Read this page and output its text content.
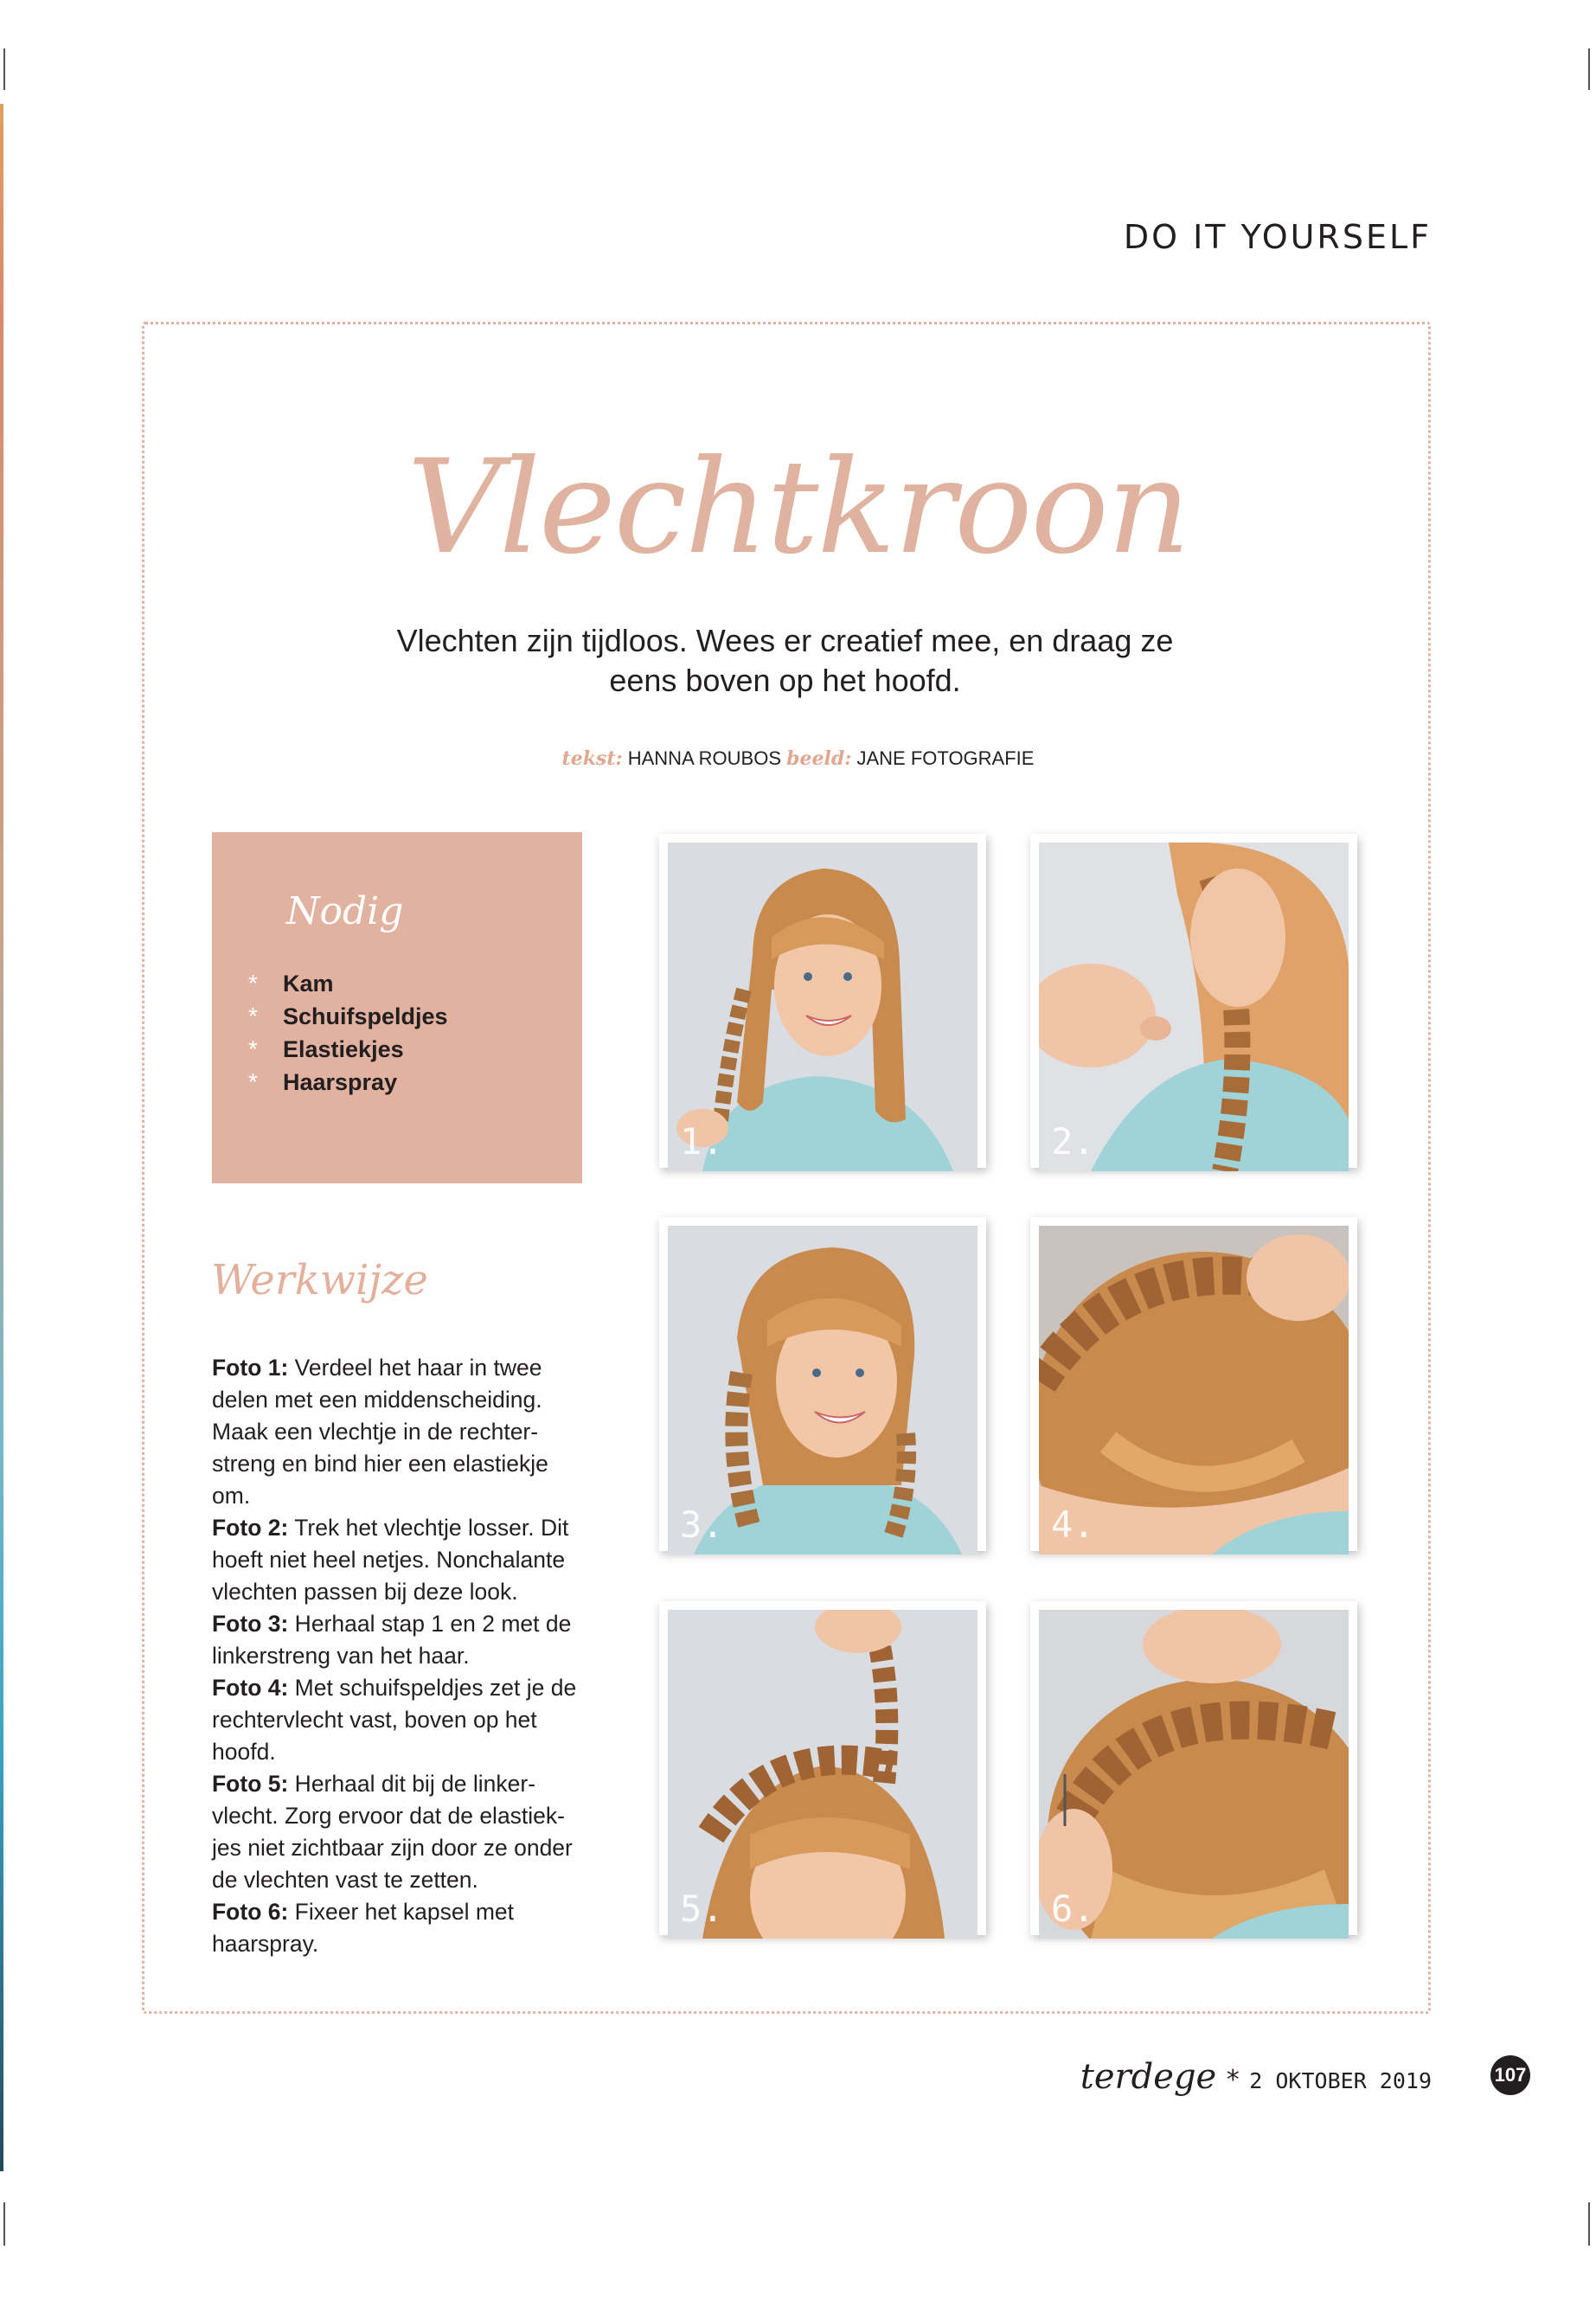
DO IT YOURSELF
Vlechtkroon
Vlechten zijn tijdloos. Wees er creatief mee, en draag ze
eens boven op het hoofd.
tekst: HANNA ROUBOS beeld: JANE FOTOGRAFIE
Nodig
* Kam
* Schuifspeldjes
* Elastiekjes
* Haarspray
Werkwijze

Foto 1: Verdeel het haar in twee delen met een middenscheiding. Maak een vlechtje in de rechter-streng en bind hier een elastiekje om.

Foto 2: Trek het vlechtje losser. Dit hoeft niet heel netjes. Nonchalante vlechten passen bij deze look.

Foto 3: Herhaal stap 1 en 2 met de linkerstreng van het haar.

Foto 4: Met schuifspeldjes zet je de rechtervlecht vast, boven op het hoofd.

Foto 5: Herhaal dit bij de linker-vlecht. Zorg ervoor dat de elastiek-jes niet zichtbaar zijn door ze onder de vlechten vast te zetten.

Foto 6: Fixeer het kapsel met haarspray.

1.	2.
3.	4.
5.	6.
terdege * 2 OKTOBER 2019	107
